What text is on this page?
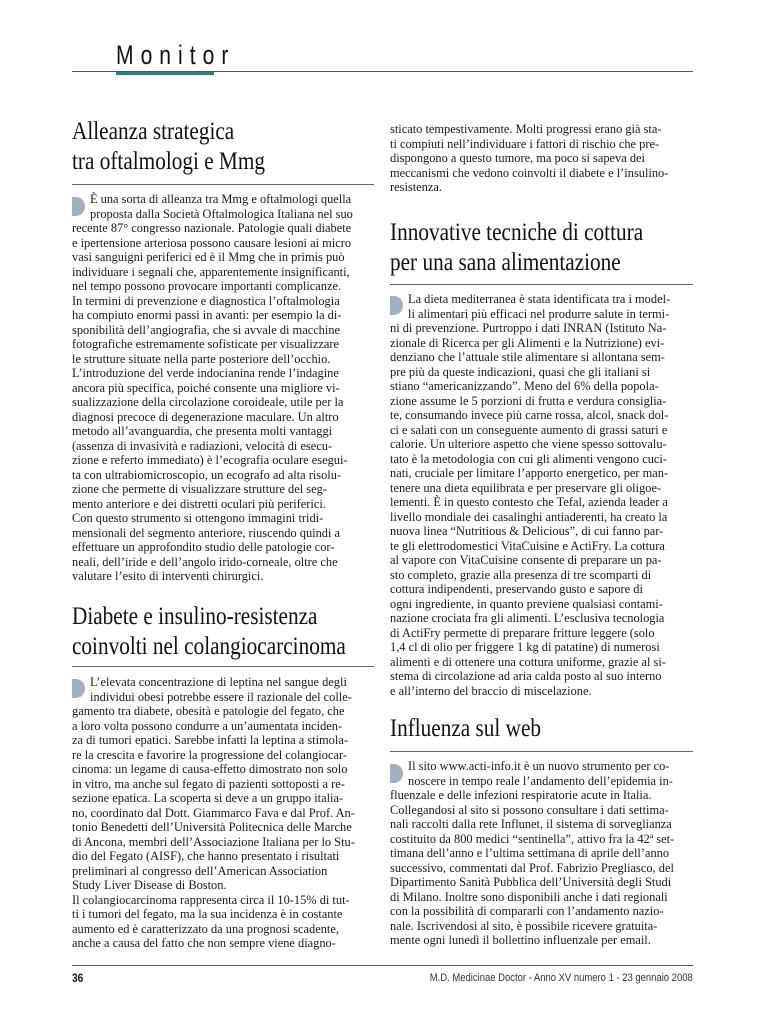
Monitor
Alleanza strategica
tra oftalmologi e Mmg
È una sorta di alleanza tra Mmg e oftalmologi quella
proposta dalla Società Oftalmologica Italiana nel suo
recente 87° congresso nazionale. Patologie quali diabete
e ipertensione arteriosa possono causare lesioni ai micro
vasi sanguigni periferici ed è il Mmg che in primis può
individuare i segnali che, apparentemente insignificanti,
nel tempo possono provocare importanti complicanze.
In termini di prevenzione e diagnostica l’oftalmologia
ha compiuto enormi passi in avanti: per esempio la di-
sponibilità dell’angiografia, che si avvale di macchine
fotografiche estremamente sofisticate per visualizzare
le strutture situate nella parte posteriore dell’occhio.
L’introduzione del verde indocianina rende l’indagine
ancora più specifica, poiché consente una migliore vi-
sualizzazione della circolazione coroideale, utile per la
diagnosi precoce di degenerazione maculare. Un altro
metodo all’avanguardia, che presenta molti vantaggi
(assenza di invasività e radiazioni, velocità di esecu-
zione e referto immediato) è l’ecografia oculare esegui-
ta con ultrabiomicroscopio, un ecografo ad alta risolu-
zione che permette di visualizzare strutture del seg-
mento anteriore e dei distretti oculari più periferici.
Con questo strumento si ottengono immagini tridi-
mensionali del segmento anteriore, riuscendo quindi a
effettuare un approfondito studio delle patologie cor-
neali, dell’iride e dell’angolo irido-corneale, oltre che
valutare l’esito di interventi chirurgici.
Diabete e insulino-resistenza
coinvolti nel colangiocarcinoma
L’elevata concentrazione di leptina nel sangue degli
individui obesi potrebbe essere il razionale del colle-
gamento tra diabete, obesità e patologie del fegato, che
a loro volta possono condurre a un’aumentata inciden-
za di tumori epatici. Sarebbe infatti la leptina a stimola-
re la crescita e favorire la progressione del colangiocar-
cinoma: un legame di causa-effetto dimostrato non solo
in vitro, ma anche sul fegato di pazienti sottoposti a re-
sezione epatica. La scoperta si deve a un gruppo italia-
no, coordinato dal Dott. Giammarco Fava e dal Prof. An-
tonio Benedetti dell’Università Politecnica delle Marche
di Ancona, membri dell’Associazione Italiana per lo Stu-
dio del Fegato (AISF), che hanno presentato i risultati
preliminari al congresso dell’American Association
Study Liver Disease di Boston.
Il colangiocarcinoma rappresenta circa il 10-15% di tut-
ti i tumori del fegato, ma la sua incidenza è in costante
aumento ed è caratterizzato da una prognosi scadente,
anche a causa del fatto che non sempre viene diagno-
sticato tempestivamente. Molti progressi erano già sta-
ti compiuti nell’individuare i fattori di rischio che pre-
dispongono a questo tumore, ma poco si sapeva dei
meccanismi che vedono coinvolti il diabete e l’insulino-
resistenza.
Innovative tecniche di cottura
per una sana alimentazione
La dieta mediterranea è stata identificata tra i model-
li alimentari più efficaci nel produrre salute in termi-
ni di prevenzione. Purtroppo i dati INRAN (Istituto Na-
zionale di Ricerca per gli Alimenti e la Nutrizione) evi-
denziano che l’attuale stile alimentare si allontana sem-
pre più da queste indicazioni, quasi che gli italiani si
stiano “americanizzando”. Meno del 6% della popola-
zione assume le 5 porzioni di frutta e verdura consiglia-
te, consumando invece più carne rossa, alcol, snack dol-
ci e salati con un conseguente aumento di grassi saturi e
calorie. Un ulteriore aspetto che viene spesso sottovalu-
tato è la metodologia con cui gli alimenti vengono cuci-
nati, cruciale per limitare l’apporto energetico, per man-
tenere una dieta equilibrata e per preservare gli oligoe-
lementi. È in questo contesto che Tefal, azienda leader a
livello mondiale dei casalinghi antiaderenti, ha creato la
nuova linea “Nutritious & Delicious”, di cui fanno par-
te gli elettrodomestici VitaCuisine e ActiFry. La cottura
al vapore con VitaCuisine consente di preparare un pa-
sto completo, grazie alla presenza di tre scomparti di
cottura indipendenti, preservando gusto e sapore di
ogni ingrediente, in quanto previene qualsiasi contami-
nazione crociata fra gli alimenti. L’esclusiva tecnologia
di ActiFry permette di preparare fritture leggere (solo
1,4 cl di olio per friggere 1 kg di patatine) di numerosi
alimenti e di ottenere una cottura uniforme, grazie al si-
stema di circolazione ad aria calda posto al suo interno
e all’interno del braccio di miscelazione.
Influenza sul web
Il sito www.acti-info.it è un nuovo strumento per co-
noscere in tempo reale l’andamento dell’epidemia in-
fluenzale e delle infezioni respiratorie acute in Italia.
Collegandosi al sito si possono consultare i dati settima-
nali raccolti dalla rete Influnet, il sistema di sorveglianza
costituito da 800 medici “sentinella”, attivo fra la 42ª set-
timana dell’anno e l’ultima settimana di aprile dell’anno
successivo, commentati dal Prof. Fabrizio Pregliasco, del
Dipartimento Sanità Pubblica dell’Università degli Studi
di Milano. Inoltre sono disponibili anche i dati regionali
con la possibilità di compararli con l’andamento nazio-
nale. Iscrivendosi al sito, è possibile ricevere gratuita-
mente ogni lunedì il bollettino influenzale per email.
36	M.D. Medicinae Doctor - Anno XV numero 1 - 23 gennaio 2008
